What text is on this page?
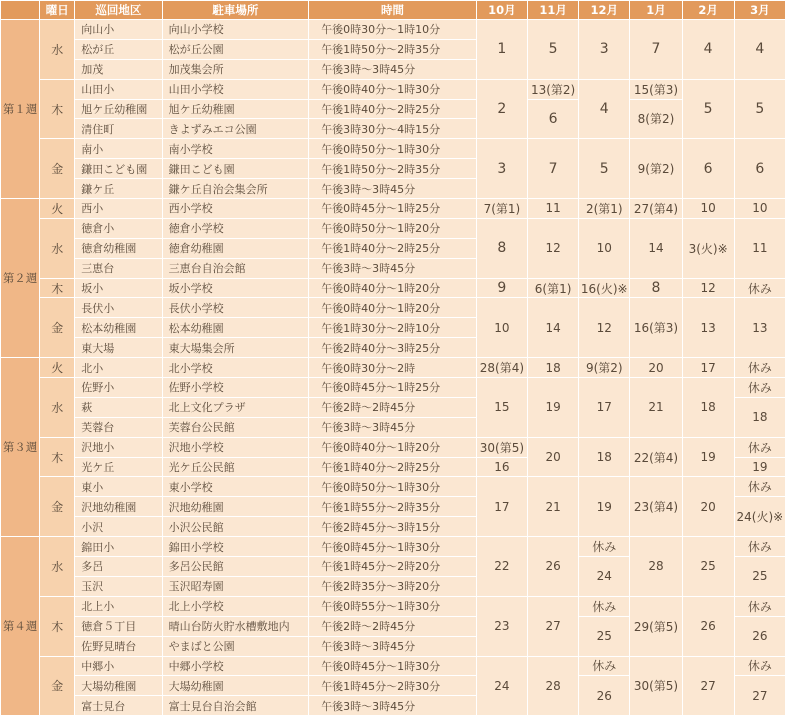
	曜日	巡回地区	駐車場所	時間	10月	11月	12月	1月	2月	3月
第１週	水	向山小	向山小学校	午後0時30分～1時10分	1	5	3	7	4	4
		松が丘	松が丘公園	午後1時50分～2時35分						
		加茂	加茂集会所	午後3時～3時45分						
	木	山田小	山田小学校	午後0時40分～1時30分	2	13(第2)	4	15(第3)	5	5
		旭ケ丘幼稚園	旭ケ丘幼稚園	午後1時40分～2時25分		6		8(第2)		
		清住町	きよずみエコ公園	午後3時30分～4時15分						
	金	南小	南小学校	午後0時50分～1時30分	3	7	5	9(第2)	6	6
		鎌田こども園	鎌田こども園	午後1時50分～2時35分						
		鎌ケ丘	鎌ケ丘自治会集会所	午後3時～3時45分						
第２週	火	西小	西小学校	午後0時45分～1時25分	7(第1)	11	2(第1)	27(第4)	10	10
	水	徳倉小	徳倉小学校	午後0時50分～1時20分	8	12	10	14	3(火)※	11
		徳倉幼稚園	徳倉幼稚園	午後1時40分～2時25分						
		三恵台	三恵台自治会館	午後3時～3時45分						
	木	坂小	坂小学校	午後0時40分～1時20分	9	6(第1)	16(火)※	8	12	休み
	金	長伏小	長伏小学校	午後0時40分～1時20分	10	14	12	16(第3)	13	13
		松本幼稚園	松本幼稚園	午後1時30分～2時10分						
		東大場	東大場集会所	午後2時40分～3時25分						
第３週	火	北小	北小学校	午後0時30分～2時	28(第4)	18	9(第2)	20	17	休み
	水	佐野小	佐野小学校	午後0時45分～1時25分	15	19	17	21	18	休み
		萩	北上文化プラザ	午後2時～2時45分						18
		芙蓉台	芙蓉台公民館	午後3時～3時45分						
	木	沢地小	沢地小学校	午後0時40分～1時20分	30(第5)	20	18	22(第4)	19	休み
		光ケ丘	光ケ丘公民館	午後1時40分～2時25分	16					19
	金	東小	東小学校	午後0時50分～1時30分	17	21	19	23(第4)	20	休み
		沢地幼稚園	沢地幼稚園	午後1時55分～2時35分						24(火)※
		小沢	小沢公民館	午後2時45分～3時15分						
第４週	水	錦田小	錦田小学校	午後0時45分～1時30分	22	26	休み	28	25	休み
		多呂	多呂公民館	午後1時45分～2時20分			24			25
		玉沢	玉沢昭寿園	午後2時35分～3時20分						
	木	北上小	北上小学校	午後0時55分～1時30分	23	27	休み	29(第5)	26	休み
		徳倉５丁目	晴山台防火貯水槽敷地内	午後2時～2時45分			25			26
		佐野見晴台	やまばと公園	午後3時～3時45分						
	金	中郷小	中郷小学校	午後0時45分～1時30分	24	28	休み	30(第5)	27	休み
		大場幼稚園	大場幼稚園	午後1時45分～2時30分			26			27
		富士見台	富士見台自治会館	午後3時～3時45分						
